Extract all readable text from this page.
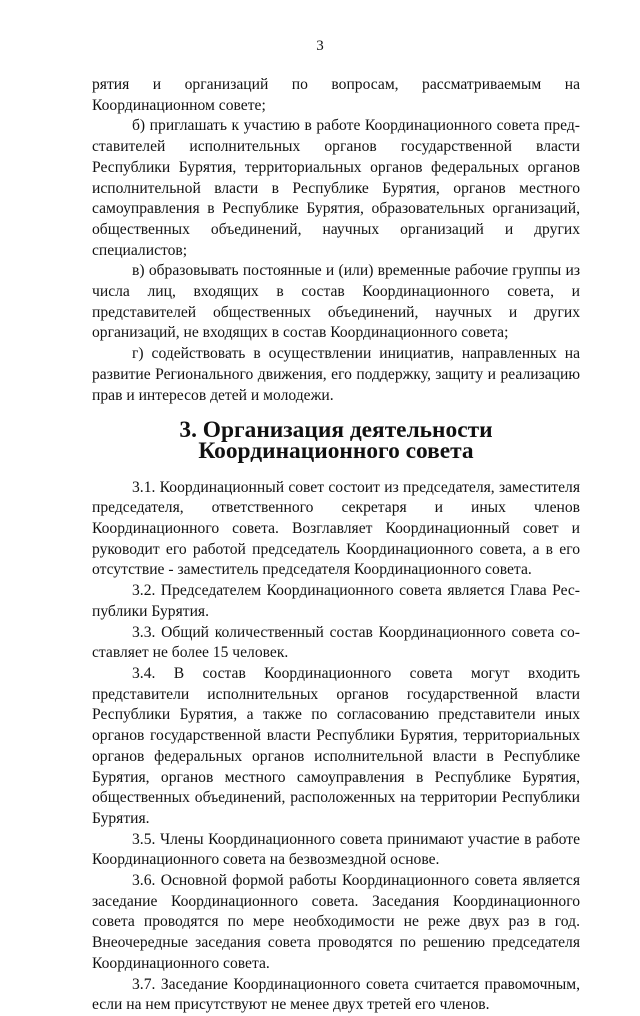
3

рятия и организаций по вопросам, рассматриваемым на Координационном совете;

б) приглашать к участию в работе Координационного совета представителей исполнительных органов государственной власти Республики Бурятия, территориальных органов федеральных органов исполнительной власти в Республике Бурятия, органов местного самоуправления в Республике Бурятия, образовательных организаций, общественных объединений, научных организаций и других специалистов;

в) образовывать постоянные и (или) временные рабочие группы из числа лиц, входящих в состав Координационного совета, и представителей общественных объединений, научных и других организаций, не входящих в состав Координационного совета;

г) содействовать в осуществлении инициатив, направленных на развитие Регионального движения, его поддержку, защиту и реализацию прав и интересов детей и молодежи.

3. Организация деятельности Координационного совета

3.1. Координационный совет состоит из председателя, заместителя председателя, ответственного секретаря и иных членов Координационного совета. Возглавляет Координационный совет и руководит его работой председатель Координационного совета, а в его отсутствие - заместитель председателя Координационного совета.

3.2. Председателем Координационного совета является Глава Республики Бурятия.

3.3. Общий количественный состав Координационного совета составляет не более 15 человек.

3.4. В состав Координационного совета могут входить представители исполнительных органов государственной власти Республики Бурятия, а также по согласованию представители иных органов государственной власти Республики Бурятия, территориальных органов федеральных органов исполнительной власти в Республике Бурятия, органов местного самоуправления в Республике Бурятия, общественных объединений, расположенных на территории Республики Бурятия.

3.5. Члены Координационного совета принимают участие в работе Координационного совета на безвозмездной основе.

3.6. Основной формой работы Координационного совета является заседание Координационного совета. Заседания Координационного совета проводятся по мере необходимости не реже двух раз в год. Внеочередные заседания совета проводятся по решению председателя Координационного совета.

3.7. Заседание Координационного совета считается правомочным, если на нем присутствуют не менее двух третей его членов.
